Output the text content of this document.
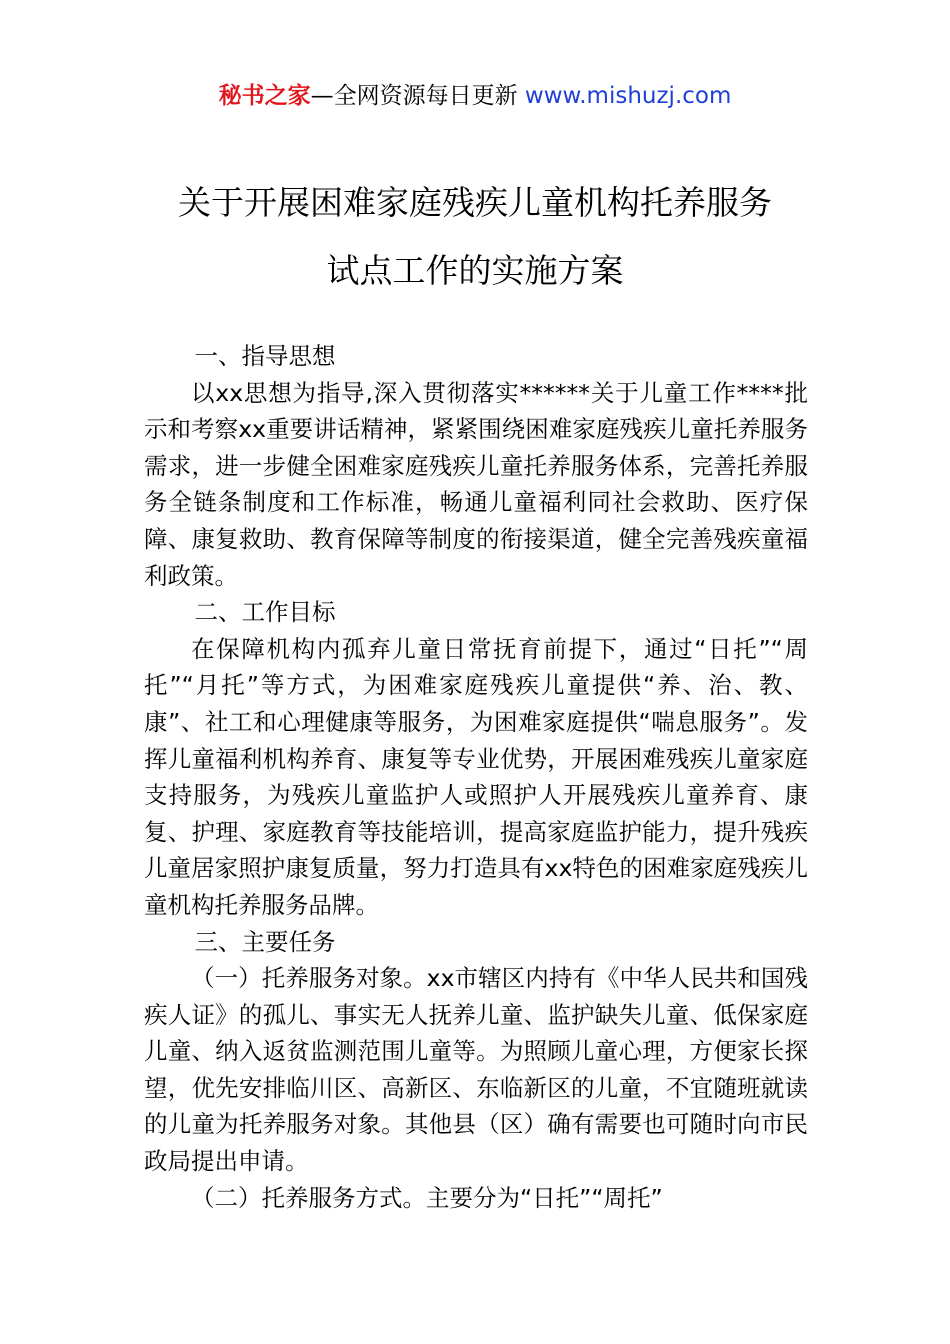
秘书之家—全网资源每日更新 www.mishuzj.com
关于开展困难家庭残疾儿童机构托养服务
试点工作的实施方案

一、指导思想

以xx思想为指导,深入贯彻落实******关于儿童工作****批示和考察xx重要讲话精神，紧紧围绕困难家庭残疾儿童托养服务需求，进一步健全困难家庭残疾儿童托养服务体系，完善托养服务全链条制度和工作标准，畅通儿童福利同社会救助、医疗保障、康复救助、教育保障等制度的衔接渠道，健全完善残疾童福利政策。

二、工作目标

在保障机构内孤弃儿童日常抚育前提下，通过“日托”“周托”“月托”等方式，为困难家庭残疾儿童提供“养、治、教、康”、社工和心理健康等服务，为困难家庭提供“喘息服务”。发挥儿童福利机构养育、康复等专业优势，开展困难残疾儿童家庭支持服务，为残疾儿童监护人或照护人开展残疾儿童养育、康复、护理、家庭教育等技能培训，提高家庭监护能力，提升残疾儿童居家照护康复质量，努力打造具有xx特色的困难家庭残疾儿童机构托养服务品牌。

三、主要任务

（一）托养服务对象。xx市辖区内持有《中华人民共和国残疾人证》的孤儿、事实无人抚养儿童、监护缺失儿童、低保家庭儿童、纳入返贫监测范围儿童等。为照顾儿童心理，方便家长探望，优先安排临川区、高新区、东临新区的儿童，不宜随班就读的儿童为托养服务对象。其他县（区）确有需要也可随时向市民政局提出申请。

（二）托养服务方式。主要分为“日托”“周托”
